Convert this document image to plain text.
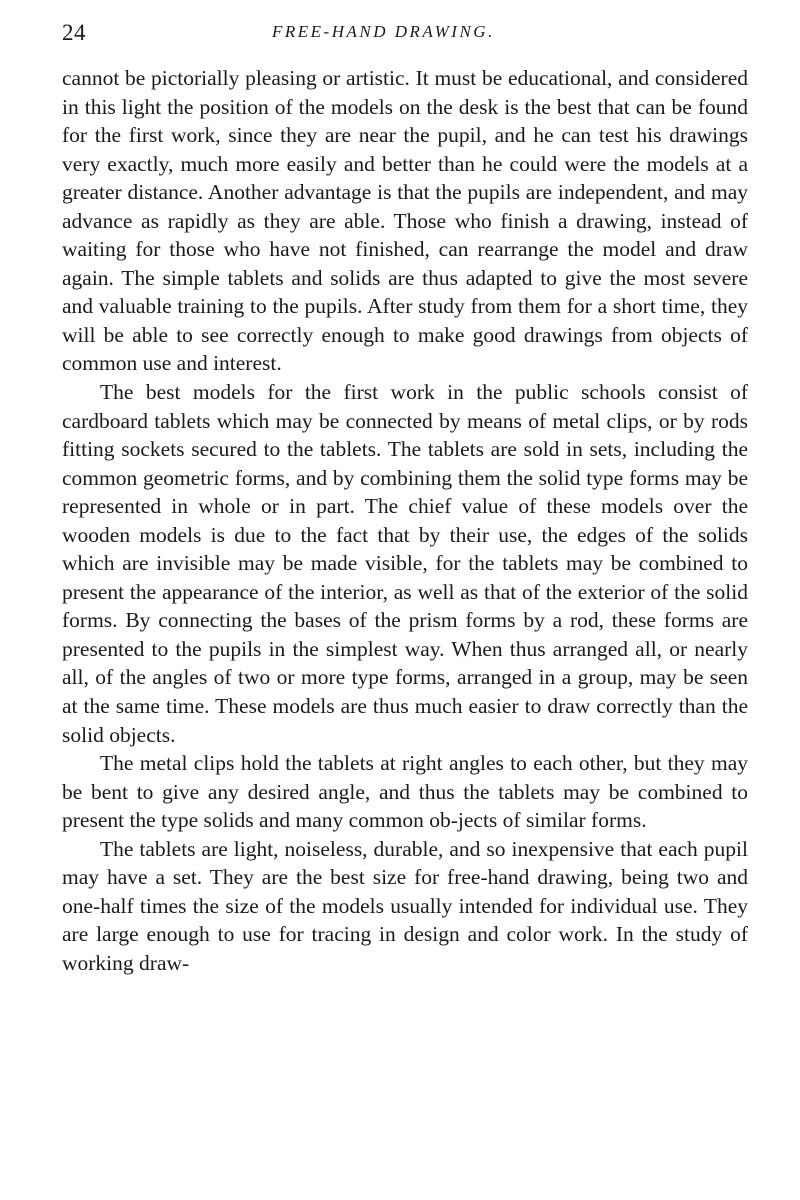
24	FREE-HAND DRAWING.

cannot be pictorially pleasing or artistic. It must be educational, and considered in this light the position of the models on the desk is the best that can be found for the first work, since they are near the pupil, and he can test his drawings very exactly, much more easily and better than he could were the models at a greater distance. Another advantage is that the pupils are independent, and may advance as rapidly as they are able. Those who finish a drawing, instead of waiting for those who have not finished, can rearrange the model and draw again. The simple tablets and solids are thus adapted to give the most severe and valuable training to the pupils. After study from them for a short time, they will be able to see correctly enough to make good drawings from objects of common use and interest.

The best models for the first work in the public schools consist of cardboard tablets which may be connected by means of metal clips, or by rods fitting sockets secured to the tablets. The tablets are sold in sets, including the common geometric forms, and by combining them the solid type forms may be represented in whole or in part. The chief value of these models over the wooden models is due to the fact that by their use, the edges of the solids which are invisible may be made visible, for the tablets may be combined to present the appearance of the interior, as well as that of the exterior of the solid forms. By connecting the bases of the prism forms by a rod, these forms are presented to the pupils in the simplest way. When thus arranged all, or nearly all, of the angles of two or more type forms, arranged in a group, may be seen at the same time. These models are thus much easier to draw correctly than the solid objects.

The metal clips hold the tablets at right angles to each other, but they may be bent to give any desired angle, and thus the tablets may be combined to present the type solids and many common ob-jects of similar forms.

The tablets are light, noiseless, durable, and so inexpensive that each pupil may have a set. They are the best size for free-hand drawing, being two and one-half times the size of the models usually intended for individual use. They are large enough to use for tracing in design and color work. In the study of working draw-
